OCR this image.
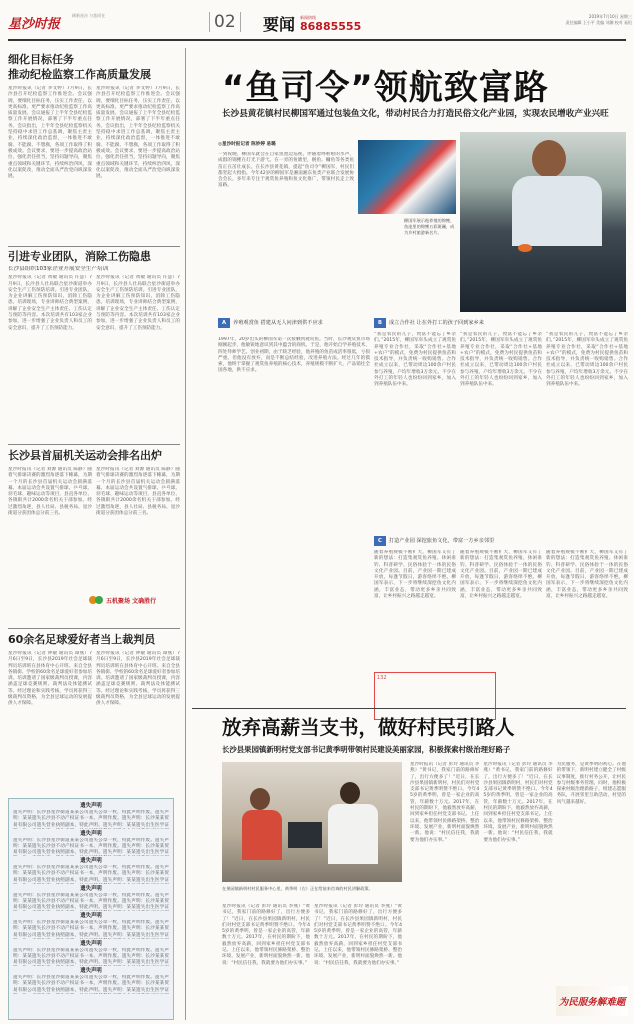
星沙时报
刷新星沙 与您同在	02	要闻 新闻热线
86885555
2019年7月10日 星期三
责任编辑 王小平 美编 刘渊 校对 易恒
细化目标任务
推动纪检监察工作高质量发展
星沙时报讯（记者 李文婷）7月9日，长沙县召开纪检监察工作推进会。会议强调，要细化目标任务，压实工作责任，以更高标准、更严要求推动纪检监察工作高质量发展。会议通报了上半年全县纪检监察工作开展情况，部署了下半年重点任务。会议指出，上半年全县纪检监察机关坚持稳中求进工作总基调，聚焦主责主业，持续深化政治监督，一体推进不敢腐、不能腐、不想腐，各项工作取得了积极成效。会议要求，要进一步提高政治站位，强化责任担当，坚持问题导向，聚焦重点领域和关键环节，持续纠治四风，深化以案促改，推动全面从严治党向纵深发展。
星沙时报讯（记者 李文婷）7月9日，长沙县召开纪检监察工作推进会。会议强调，要细化目标任务，压实工作责任，以更高标准、更严要求推动纪检监察工作高质量发展。会议通报了上半年全县纪检监察工作开展情况，部署了下半年重点任务。会议指出，上半年全县纪检监察机关坚持稳中求进工作总基调，聚焦主责主业，持续深化政治监督，一体推进不敢腐、不能腐、不想腐，各项工作取得了积极成效。会议要求，要进一步提高政治站位，强化责任担当，坚持问题导向，聚焦重点领域和关键环节，持续纠治四风，深化以案促改，推动全面从严治党向纵深发展。
引进专业团队，消除工伤隐患
长沙县组织103家企业开展安全生产培训
星沙时报讯（记者 黄敏 通讯员 许慧）7月9日，长沙县人社局联合星沙街道举办安全生产工伤预防培训。引进专业团队，为企业讲解工伤预防知识，消除工伤隐患。培训现场，专业讲师结合典型案例，讲解了企业安全生产主体责任、工伤认定与预防等内容。本次培训共有103家企业参加，进一步增强了企业负责人和员工的安全意识，提升了工伤预防能力。
星沙时报讯（记者 黄敏 通讯员 许慧）7月9日，长沙县人社局联合星沙街道举办安全生产工伤预防培训。引进专业团队，为企业讲解工伤预防知识，消除工伤隐患。培训现场，专业讲师结合典型案例，讲解了企业安全生产主体责任、工伤认定与预防等内容。本次培训共有103家企业参加，进一步增强了企业负责人和员工的安全意识，提升了工伤预防能力。
长沙县首届机关运动会排名出炉
星沙时报讯（记者 刘源 通讯员 陈静）随着气排球决赛的激烈角逐落下帷幕，为期一个月的长沙县首届机关运动会圆满落幕。本届运动会共设置气排球、乒乓球、羽毛球、趣味运动等项目，县直各单位、各镇街共计2000余名机关干部参加。经过激烈角逐，县人社局、县税务局、星沙街道分获团体总分前三名。
星沙时报讯（记者 刘源 通讯员 陈静）随着气排球决赛的激烈角逐落下帷幕，为期一个月的长沙县首届机关运动会圆满落幕。本届运动会共设置气排球、乒乓球、羽毛球、趣味运动等项目，县直各单位、各镇街共计2000余名机关干部参加。经过激烈角逐，县人社局、县税务局、星沙街道分获团体总分前三名。
五机聚场 文确胜行
60余名足球爱好者当上裁判员
星沙时报讯（记者 钟敏 通讯员 谭燕）7月6日至9日，长沙县2019年社会足球裁判员培训班在县体育中心开班。来自全县各镇街、学校的60余名足球爱好者参加培训。培训邀请了国家级裁判员授课，内容涵盖足球竞赛规则、裁判法及体能测试等。经过理论和实践考核，学员将获得三级裁判员资格，为全县足球运动的发展提供人才保障。
星沙时报讯（记者 钟敏 通讯员 谭燕）7月6日至9日，长沙县2019年社会足球裁判员培训班在县体育中心开班。来自全县各镇街、学校的60余名足球爱好者参加培训。培训邀请了国家级裁判员授课，内容涵盖足球竞赛规则、裁判法及体能测试等。经过理论和实践考核，学员将获得三级裁判员资格，为全县足球运动的发展提供人才保障。
遗失声明
遗失声明：长沙县星沙街道某某公司遗失公章一枚，特此声明作废。遗失声明：某某遗失长沙县不动产权证书一本，声明作废。遗失声明：长沙某某贸易有限公司遗失营业执照副本，特此声明。遗失声明：某某遗失出生医学证
遗失声明
遗失声明：长沙县星沙街道某某公司遗失公章一枚，特此声明作废。遗失声明：某某遗失长沙县不动产权证书一本，声明作废。遗失声明：长沙某某贸易有限公司遗失营业执照副本，特此声明。遗失声明：某某遗失出生医学证
遗失声明
遗失声明：长沙县星沙街道某某公司遗失公章一枚，特此声明作废。遗失声明：某某遗失长沙县不动产权证书一本，声明作废。遗失声明：长沙某某贸易有限公司遗失营业执照副本，特此声明。遗失声明：某某遗失出生医学证
遗失声明
遗失声明：长沙县星沙街道某某公司遗失公章一枚，特此声明作废。遗失声明：某某遗失长沙县不动产权证书一本，声明作废。遗失声明：长沙某某贸易有限公司遗失营业执照副本，特此声明。遗失声明：某某遗失出生医学证
遗失声明
遗失声明：长沙县星沙街道某某公司遗失公章一枚，特此声明作废。遗失声明：某某遗失长沙县不动产权证书一本，声明作废。遗失声明：长沙某某贸易有限公司遗失营业执照副本，特此声明。遗失声明：某某遗失出生医学证
遗失声明
遗失声明：长沙县星沙街道某某公司遗失公章一枚，特此声明作废。遗失声明：某某遗失长沙县不动产权证书一本，声明作废。遗失声明：长沙某某贸易有限公司遗失营业执照副本，特此声明。遗失声明：某某遗失出生医学证
遗失声明
遗失声明：长沙县星沙街道某某公司遗失公章一枚，特此声明作废。遗失声明：某某遗失长沙县不动产权证书一本，声明作废。遗失声明：长沙某某贸易有限公司遗失营业执照副本，特此声明。遗失声明：某某遗失出生医学证
“鱼司令”领航致富路
长沙县黄花镇村民柳国军通过包装鱼文化，带动村民合力打造民俗文化产业园，实现农民增收产业兴旺
◎星沙时报记者 陈妙婷 易璐
一到夜晚，柳国军就会在自家鱼池边巡视，伴随着哗啦啦的水声，成群的锦鲤在灯光下游弋。在一旁的鱼塘里，鲢鱼、鳙鱼等各类鱼苗正在茁壮成长。在长沙县黄花镇，提起“鱼司令”柳国军，村民们都竖起大拇指。今年42岁的柳国军是湘南湘东鱼类产业联合发展协会会长，多年来专注于观赏鱼养殖和鱼文化推广，带领村民走上致富路。
柳国军展示他养殖的锦鲤，鱼池里的锦鲤五彩斑斓，成为乡村旅游新名片。
A	养殖观赏鱼 搭建从无人问津到供不应求
1997年，20岁出头的柳国军第一次接触到观赏鱼。当时，长沙观赏鱼市场刚刚起步，他敏锐地意识到其中蕴含的商机。于是，他开始自学养殖技术，四处拜师学艺。创业初期，由于缺乏经验，他养殖的鱼苗成活率很低，亏损严重。但他没有放弃，而是不断总结经验，改进养殖方法。经过几年的摸索，他终于掌握了观赏鱼养殖的核心技术，养殖规模不断扩大，产品销往全国各地，供不应求。
B	成立合作社 让在外打工的孩子回到家乡来
“我是农民的儿子，致富不能忘了乡亲们。”2015年，柳国军牵头成立了观赏鱼养殖专业合作社，采取“合作社+基地+农户”的模式，免费为村民提供鱼苗和技术指导，并负责统一收购销售。合作社成立以来，已带动周边100余户村民参与养殖，户均年增收3万余元。不少在外打工的年轻人也纷纷回到家乡，加入到养殖队伍中来。
“我是农民的儿子，致富不能忘了乡亲们。”2015年，柳国军牵头成立了观赏鱼养殖专业合作社，采取“合作社+基地+农户”的模式，免费为村民提供鱼苗和技术指导，并负责统一收购销售。合作社成立以来，已带动周边100余户村民参与养殖，户均年增收3万余元。不少在外打工的年轻人也纷纷回到家乡，加入到养殖队伍中来。
“我是农民的儿子，致富不能忘了乡亲们。”2015年，柳国军牵头成立了观赏鱼养殖专业合作社，采取“合作社+基地+农户”的模式，免费为村民提供鱼苗和技术指导，并负责统一收购销售。合作社成立以来，已带动周边100余户村民参与养殖，户均年增收3万余元。不少在外打工的年轻人也纷纷回到家乡，加入到养殖队伍中来。
C	打造产业园 深挖旅鱼文化，带富一方乡亲邻里
随着养殖规模不断扩大，柳国军又有了新的想法：打造集观赏鱼养殖、休闲垂钓、科普研学、民俗体验于一体的民俗文化产业园。目前，产业园一期已建成开放，每逢节假日，游客络绎不绝。柳国军表示，下一步将继续深挖鱼文化内涵，丰富业态，带动更多乡亲共同致富，让乡村振兴之路越走越宽。
随着养殖规模不断扩大，柳国军又有了新的想法：打造集观赏鱼养殖、休闲垂钓、科普研学、民俗体验于一体的民俗文化产业园。目前，产业园一期已建成开放，每逢节假日，游客络绎不绝。柳国军表示，下一步将继续深挖鱼文化内涵，丰富业态，带动更多乡亲共同致富，让乡村振兴之路越走越宽。
随着养殖规模不断扩大，柳国军又有了新的想法：打造集观赏鱼养殖、休闲垂钓、科普研学、民俗体验于一体的民俗文化产业园。目前，产业园一期已建成开放，每逢节假日，游客络绎不绝。柳国军表示，下一步将继续深挖鱼文化内涵，丰富业态，带动更多乡亲共同致富，让乡村振兴之路越走越宽。
132
放弃高薪当支书，做好村民引路人
长沙县果园镇新明村党支部书记黄季明带领村民建设美丽家园，积极探索村级治理好路子
在果园镇新明村村民服务中心里，黄季明（右）正在给前来咨询的村民讲解政策。
星沙时报讯（记者 彭玲 通讯员 李燕）“黄书记，我家门前的路修好了，出行方便多了！”近日，在长沙县果园镇新明村，村民们对村党支部书记黄季明赞不绝口。今年45岁的黄季明，曾是一家企业的高管，年薪数十万元。2017年，在村民的期盼下，他毅然放弃高薪，回到家乡担任村党支部书记。上任以来，他带领村民修路架桥、整治环境、发展产业，新明村面貌焕然一新。他说：“村民信任我，我就要为他们办实事。”
星沙时报讯（记者 彭玲 通讯员 李燕）“黄书记，我家门前的路修好了，出行方便多了！”近日，在长沙县果园镇新明村，村民们对村党支部书记黄季明赞不绝口。今年45岁的黄季明，曾是一家企业的高管，年薪数十万元。2017年，在村民的期盼下，他毅然放弃高薪，回到家乡担任村党支部书记。上任以来，他带领村民修路架桥、整治环境、发展产业，新明村面貌焕然一新。他说：“村民信任我，我就要为他们办实事。”
星沙时报讯（记者 彭玲 通讯员 李燕）“黄书记，我家门前的路修好了，出行方便多了！”近日，在长沙县果园镇新明村，村民们对村党支部书记黄季明赞不绝口。今年45岁的黄季明，曾是一家企业的高管，年薪数十万元。2017年，在村民的期盼下，他毅然放弃高薪，回到家乡担任村党支部书记。上任以来，他带领村民修路架桥、整治环境、发展产业，新明村面貌焕然一新。他说：“村民信任我，我就要为他们办实事。”
星沙时报讯（记者 彭玲 通讯员 李燕）“黄书记，我家门前的路修好了，出行方便多了！”近日，在长沙县果园镇新明村，村民们对村党支部书记黄季明赞不绝口。今年45岁的黄季明，曾是一家企业的高管，年薪数十万元。2017年，在村民的期盼下，他毅然放弃高薪，回到家乡担任村党支部书记。上任以来，他带领村民修路架桥、整治环境、发展产业，新明村面貌焕然一新。他说：“村民信任我，我就要为他们办实事。”
为民服务，是黄季明的初心。在他的带领下，新明村建立健全了村级议事制度，推行村务公开，让村民参与村级事务管理。同时，他积极探索村级治理新路子，组建志愿服务队，开展邻里互助活动，村里的风气越来越好。
为民服务解难题
